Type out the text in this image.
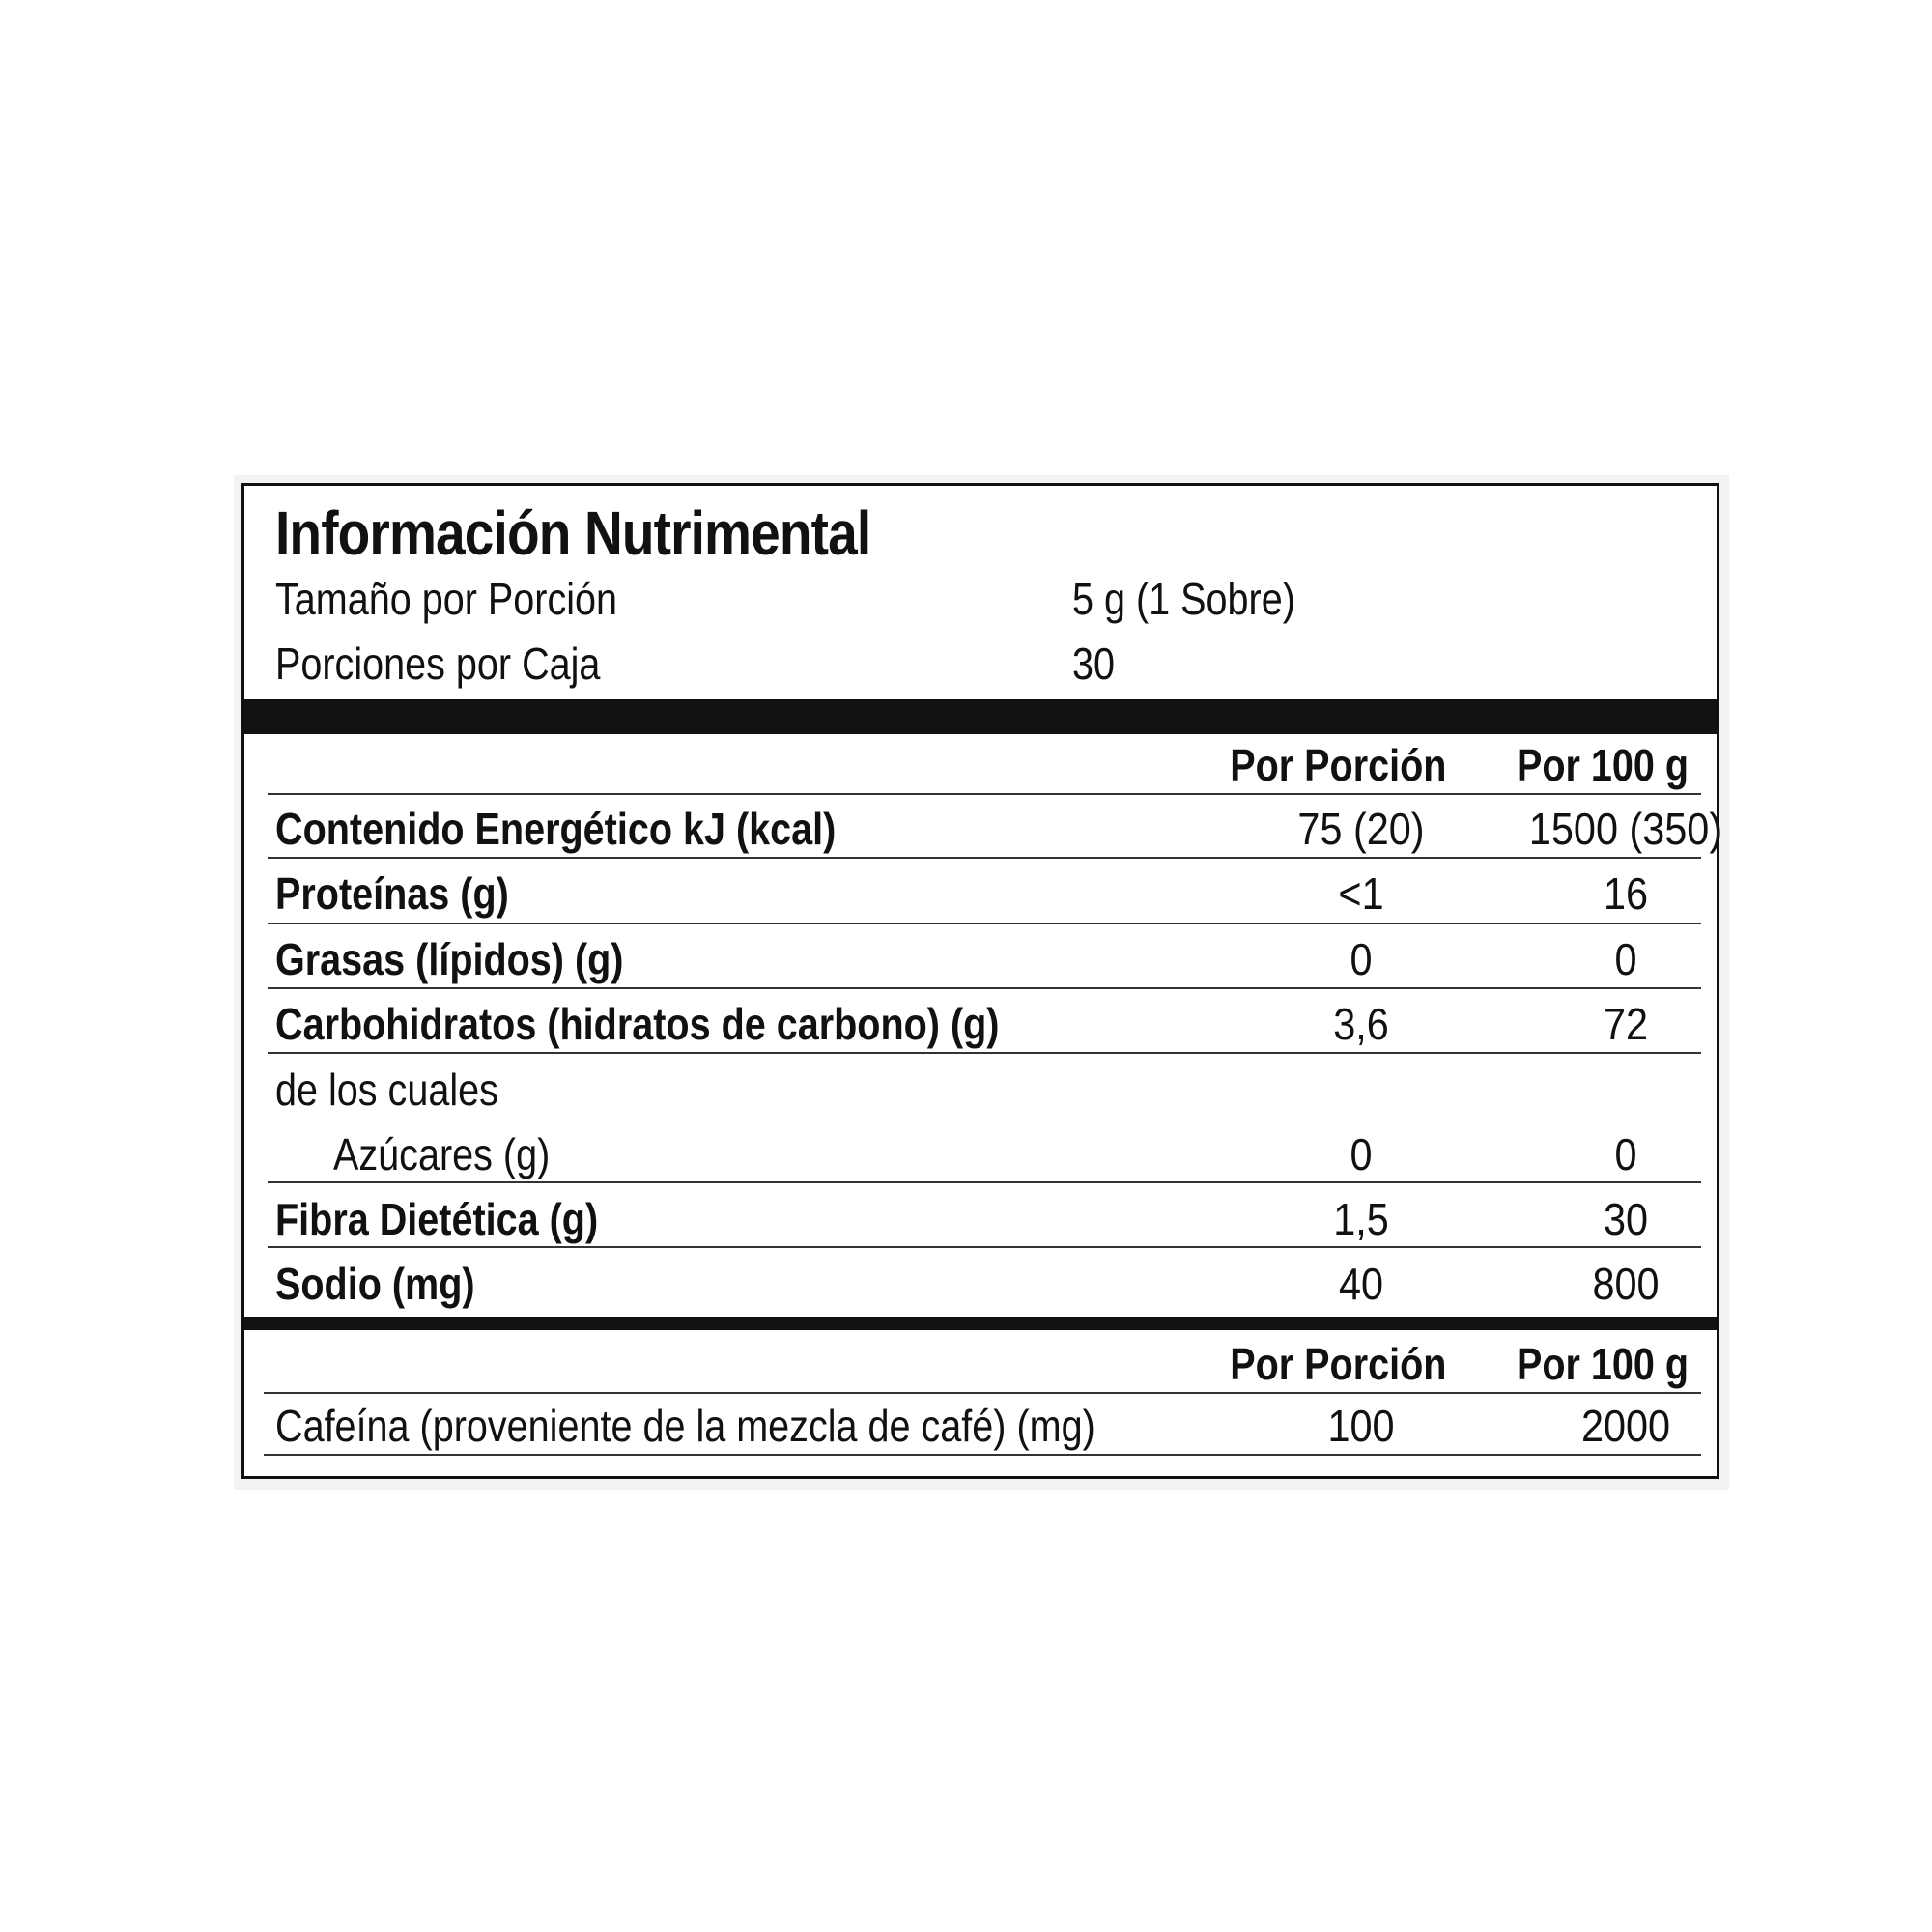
Información Nutrimental
Tamaño por Porción	5 g (1 Sobre)
Porciones por Caja	30
Por Porción	Por 100 g
Contenido Energético kJ (kcal)	75 (20)	1500 (350)
Proteínas (g)	<1	16
Grasas (lípidos) (g)	0	0
Carbohidratos (hidratos de carbono) (g)	3,6	72
de los cuales
Azúcares (g)	0	0
Fibra Dietética (g)	1,5	30
Sodio (mg)	40	800
Por Porción	Por 100 g
Cafeína (proveniente de la mezcla de café) (mg)	100	2000
